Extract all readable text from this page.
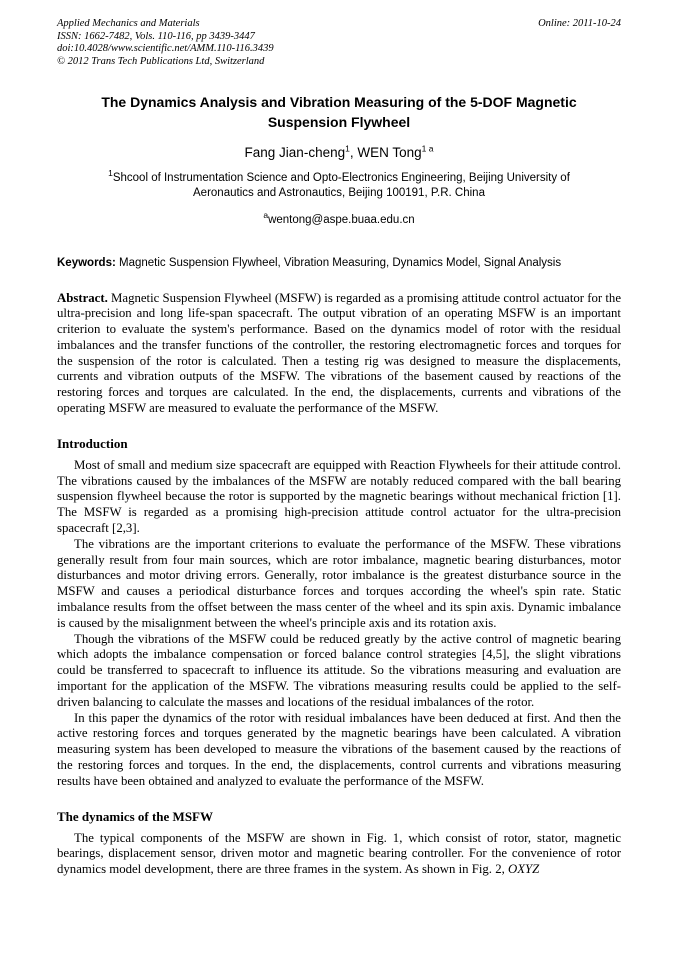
Applied Mechanics and Materials
ISSN: 1662-7482, Vols. 110-116, pp 3439-3447
doi:10.4028/www.scientific.net/AMM.110-116.3439
© 2012 Trans Tech Publications Ltd, Switzerland
Online: 2011-10-24
The Dynamics Analysis and Vibration Measuring of the 5-DOF Magnetic Suspension Flywheel
Fang Jian-cheng$^1$, WEN Tong$^{1 a}$
$^1$Shcool of Instrumentation Science and Opto-Electronics Engineering, Beijing University of Aeronautics and Astronautics, Beijing 100191, P.R. China
$^a$wentong@aspe.buaa.edu.cn
Keywords: Magnetic Suspension Flywheel, Vibration Measuring, Dynamics Model, Signal Analysis

Abstract. Magnetic Suspension Flywheel (MSFW) is regarded as a promising attitude control actuator for the ultra-precision and long life-span spacecraft. The output vibration of an operating MSFW is an important criterion to evaluate the system's performance. Based on the dynamics model of rotor with the residual imbalances and the transfer functions of the controller, the restoring electromagnetic forces and torques for the suspension of the rotor is calculated. Then a testing rig was designed to measure the displacements, currents and vibration outputs of the MSFW. The vibrations of the basement caused by reactions of the restoring forces and torques are calculated. In the end, the displacements, currents and vibrations of the operating MSFW are measured to evaluate the performance of the MSFW.

Introduction

Most of small and medium size spacecraft are equipped with Reaction Flywheels for their attitude control. The vibrations caused by the imbalances of the MSFW are notably reduced compared with the ball bearing suspension flywheel because the rotor is supported by the magnetic bearings without mechanical friction [1]. The MSFW is regarded as a promising high-precision attitude control actuator for the ultra-precision spacecraft [2,3].

The vibrations are the important criterions to evaluate the performance of the MSFW. These vibrations generally result from four main sources, which are rotor imbalance, magnetic bearing disturbances, motor disturbances and motor driving errors. Generally, rotor imbalance is the greatest disturbance source in the MSFW and causes a periodical disturbance forces and torques according the wheel's spin rate. Static imbalance results from the offset between the mass center of the wheel and its spin axis. Dynamic imbalance is caused by the misalignment between the wheel's principle axis and its rotation axis.

Though the vibrations of the MSFW could be reduced greatly by the active control of magnetic bearing which adopts the imbalance compensation or forced balance control strategies [4,5], the slight vibrations could be transferred to spacecraft to influence its attitude. So the vibrations measuring and evaluation are important for the application of the MSFW. The vibrations measuring results could be applied to the self-driven balancing to calculate the masses and locations of the residual imbalances of the rotor.

In this paper the dynamics of the rotor with residual imbalances have been deduced at first. And then the active restoring forces and torques generated by the magnetic bearings have been calculated. A vibration measuring system has been developed to measure the vibrations of the basement caused by the reactions of the restoring forces and torques. In the end, the displacements, control currents and vibrations measuring results have been obtained and analyzed to evaluate the performance of the MSFW.

The dynamics of the MSFW

The typical components of the MSFW are shown in Fig. 1, which consist of rotor, stator, magnetic bearings, displacement sensor, driven motor and magnetic bearing controller. For the convenience of rotor dynamics model development, there are three frames in the system. As shown in Fig. 2, OXYZ
